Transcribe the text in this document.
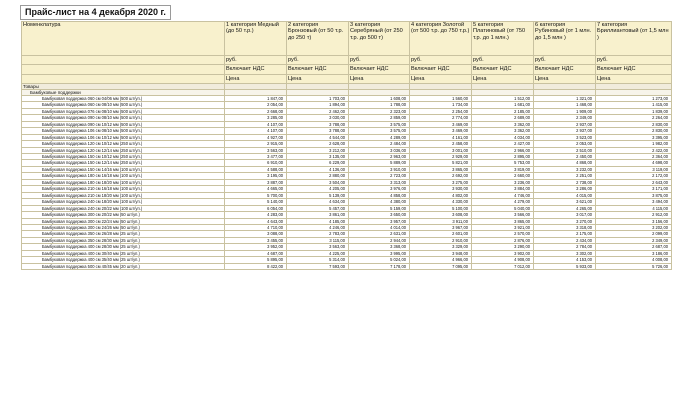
Прайс-лист на 4 декабря 2020 г.
Номенклатура	1 категория Медный (до 50 т.р.)	2 категория Бронзовый (от 50 т.р. до 250 т)	3 категория Серебряный (от 250 т.р. до 500 т)	4 категория Золотой (от 500 т.р. до 750 т.р.)	5 категория Платиновый (от 750 т.р. до 1 млн.)	6 категория Рубиновый (от 1 млн. до 1,5 млн )	7 категория Бриллиантовый (от 1,5 млн )
	руб.	руб.	руб.	руб.	руб.	руб.	руб.
	Включает НДС	Включает НДС	Включает НДС	Включает НДС	Включает НДС	Включает НДС	Включает НДС
	Цена	Цена	Цена	Цена	Цена	Цена	Цена
Товары							
Бамбуковые поддержки							
Бамбуковая поддержка 060 см 04/06 мм (500 шт/уп.)	1 847,00	1 703,00	1 608,00	1 560,00	1 512,00	1 321,00	1 273,00
Бамбуковая поддержка 060 см 08/10 мм (500 шт/уп.)	2 054,00	1 894,00	1 788,00	1 734,00	1 681,00	1 468,00	1 415,00
Бамбуковая поддержка 076 см 08/10 мм (500 шт/уп.)	2 668,00	2 462,00	2 323,00	2 254,00	2 185,00	1 909,00	1 839,00
Бамбуковая поддержка 090 см 08/10 мм (500 шт/уп.)	3 285,00	3 030,00	2 859,00	2 774,00	2 689,00	2 349,00	2 264,00
Бамбуковая поддержка 090 см 10/12 мм (500 шт/уп.)	4 107,00	3 788,00	3 575,00	3 469,00	3 362,00	2 937,00	2 830,00
Бамбуковая поддержка 106 см 08/10 мм (500 шт/уп.)	4 107,00	3 788,00	3 575,00	3 469,00	3 362,00	2 937,00	2 830,00
Бамбуковая поддержка 106 см 10/12 мм (500 шт/уп.)	4 927,00	4 544,00	4 289,00	4 161,00	4 034,00	3 523,00	3 395,00
Бамбуковая поддержка 120 см 10/12 мм (250 шт/уп.)	2 915,00	2 628,00	2 484,00	2 458,00	2 427,00	2 053,00	1 982,00
Бамбуковая поддержка 120 см 12/14 мм (250 шт/уп.)	3 563,00	3 212,00	3 036,00	3 001,00	2 966,00	2 510,00	2 422,00
Бамбуковая поддержка 150 см 10/12 мм (250 шт/уп.)	3 477,00	3 135,00	2 963,00	2 929,00	2 895,00	2 450,00	2 364,00
Бамбуковая поддержка 150 см 12/14 мм (250 шт/уп.)	6 910,00	6 229,00	5 889,00	5 821,00	5 753,00	4 868,00	4 698,00
Бамбуковая поддержка 150 см 14/16 мм (100 шт/уп.)	4 588,00	4 136,00	3 910,00	3 865,00	3 819,00	3 232,00	3 119,00
Бамбуковая поддержка 180 см 16/18 мм (100 шт/уп.)	3 195,00	2 880,00	2 723,00	2 692,00	2 660,00	2 251,00	2 172,00
Бамбуковая поддержка 180 см 18/20 мм (100 шт/уп.)	3 887,00	3 504,00	3 313,00	3 275,00	3 236,00	2 738,00	2 643,00
Бамбуковая поддержка 210 см 16/18 мм (100 шт/уп.)	4 665,00	4 205,00	3 976,00	3 930,00	3 884,00	3 286,00	3 171,00
Бамбуковая поддержка 210 см 18/20 мм (100 шт/уп.)	5 700,00	5 139,00	4 858,00	4 802,00	4 746,00	4 015,00	3 875,00
Бамбуковая поддержка 240 см 18/20 мм (100 шт/уп.)	5 140,00	4 634,00	4 380,00	4 330,00	4 279,00	3 621,00	3 494,00
Бамбуковая поддержка 240 см 20/22 мм (100 шт/уп.)	6 054,00	5 457,00	5 159,00	5 100,00	5 040,00	4 265,00	4 115,00
Бамбуковая поддержка 300 см 20/22 мм (50 шт/уп.)	4 283,00	3 861,00	3 650,00	3 608,00	3 566,00	3 017,00	2 912,00
Бамбуковая поддержка 300 см 22/24 мм (50 шт/уп.)	4 643,00	4 185,00	3 957,00	3 911,00	3 865,00	3 270,00	3 156,00
Бамбуковая поддержка 300 см 24/26 мм (50 шт/уп.)	4 710,00	4 246,00	4 014,00	3 967,00	3 921,00	3 318,00	3 202,00
Бамбуковая поддержка 350 см 26/28 мм (25 шт/уп.)	3 088,00	2 783,00	2 631,00	2 601,00	2 570,00	2 175,00	2 099,00
Бамбуковая поддержка 350 см 28/30 мм (25 шт/уп.)	3 455,00	3 115,00	2 944,00	2 910,00	2 876,00	2 434,00	2 349,00
Бамбуковая поддержка 400 см 28/30 мм (25 шт/уп.)	3 952,00	3 563,00	3 368,00	3 329,00	3 290,00	2 784,00	2 687,00
Бамбуковая поддержка 400 см 30/40 мм (25 шт/уп.)	4 687,00	4 225,00	3 995,00	3 948,00	3 902,00	3 302,00	3 186,00
Бамбуковая поддержка 400 см 35/40 мм (25 шт/уп.)	5 895,00	5 314,00	5 024,00	4 966,00	4 908,00	4 153,00	4 008,00
Бамбуковая поддержка 500 см 40/45 мм (20 шт/уп.)	8 422,00	7 593,00	7 178,00	7 095,00	7 012,00	5 933,00	5 726,00
